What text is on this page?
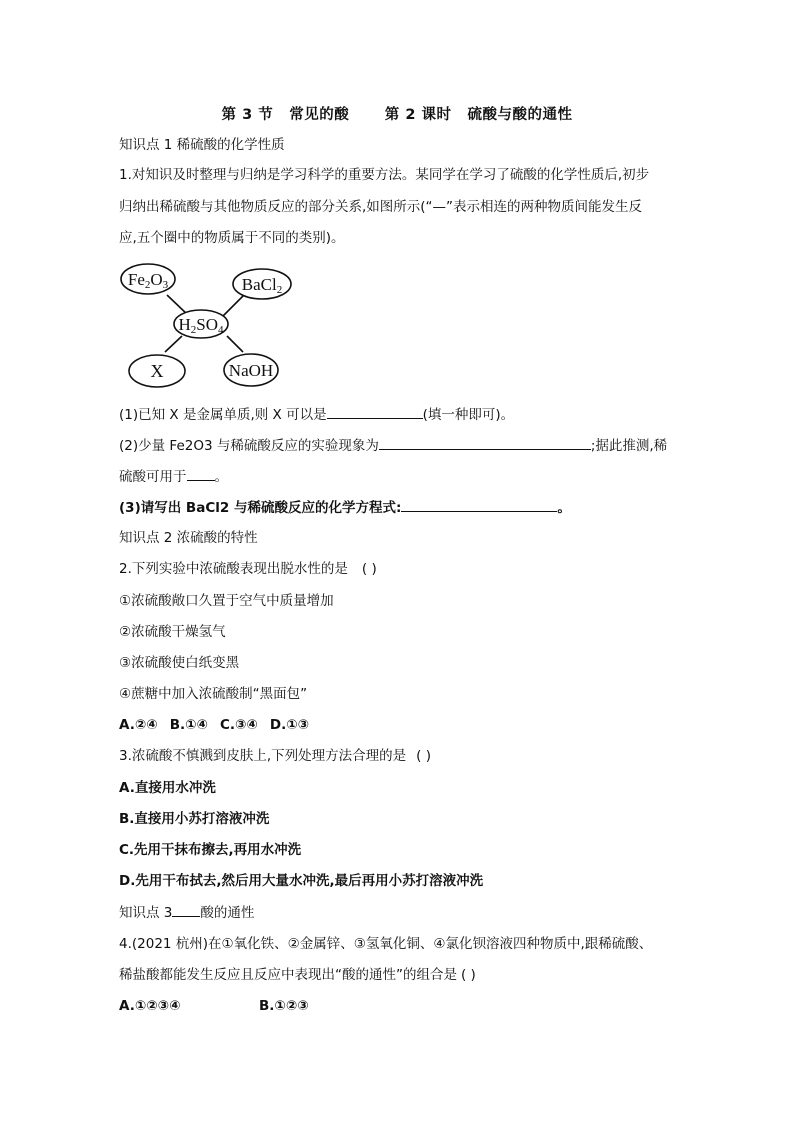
第 3 节 常见的酸 第 2 课时 硫酸与酸的通性
知识点 1 稀硫酸的化学性质
1.对知识及时整理与归纳是学习科学的重要方法。某同学在学习了硫酸的化学性质后,初步
归纳出稀硫酸与其他物质反应的部分关系,如图所示(“—”表示相连的两种物质间能发生反
应,五个圈中的物质属于不同的类别)。
Fe2O3	BaCl2
H2SO4
X	NaOH
(1)已知 X 是金属单质,则 X 可以是	(填一种即可)。
(2)少量 Fe2O3 与稀硫酸反应的实验现象为	;据此推测,稀
硫酸可用于 。
(3)请写出 BaCl2 与稀硫酸反应的化学方程式:	。
知识点 2 浓硫酸的特性
2.下列实验中浓硫酸表现出脱水性的是 ( )
①浓硫酸敞口久置于空气中质量增加
②浓硫酸干燥氢气
③浓硫酸使白纸变黑
④蔗糖中加入浓硫酸制“黑面包”
A.②④ B.①④ C.③④ D.①③
3.浓硫酸不慎溅到皮肤上,下列处理方法合理的是 ( )
A.直接用水冲洗
B.直接用小苏打溶液冲洗
C.先用干抹布擦去,再用水冲洗
D.先用干布拭去,然后用大量水冲洗,最后再用小苏打溶液冲洗
知识点 3 酸的通性
4.(2021 杭州)在①氧化铁、②金属锌、③氢氧化铜、④氯化钡溶液四种物质中,跟稀硫酸、
稀盐酸都能发生反应且反应中表现出“酸的通性”的组合是 ( )
A.①②③④	B.①②③
